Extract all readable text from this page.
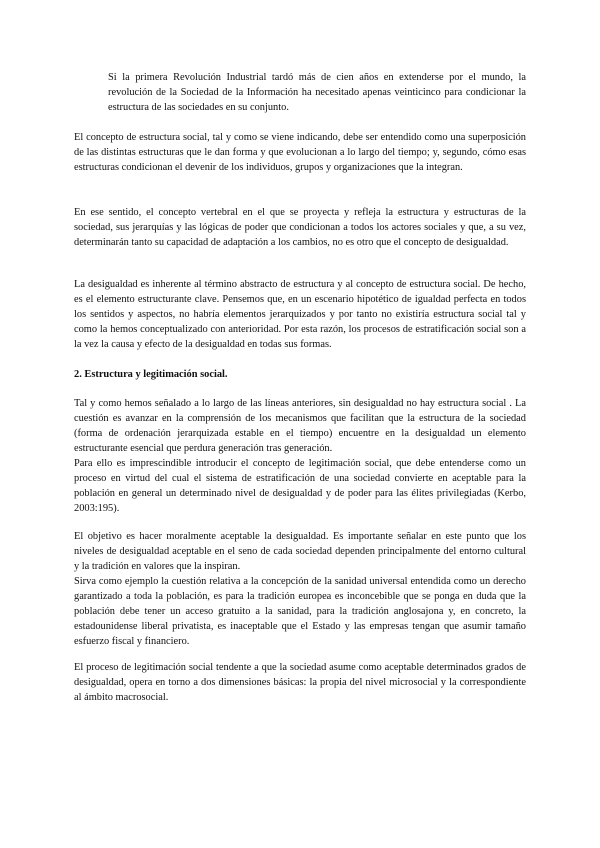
Si la primera Revolución Industrial tardó más de cien años en extenderse por el mundo, la revolución de la Sociedad de la Información ha necesitado apenas veinticinco para condicionar la estructura de las sociedades en su conjunto.

El concepto de estructura social, tal y como se viene indicando, debe ser entendido como una superposición de las distintas estructuras que le dan forma y que evolucionan a lo largo del tiempo; y, segundo, cómo esas estructuras condicionan el devenir de los individuos, grupos y organizaciones que la integran.

En ese sentido, el concepto vertebral en el que se proyecta y refleja la estructura y estructuras de la sociedad, sus jerarquías y las lógicas de poder que condicionan a todos los actores sociales y que, a su vez, determinarán tanto su capacidad de adaptación a los cambios, no es otro que el concepto de desigualdad.

La desigualdad es inherente al término abstracto de estructura y al concepto de estructura social. De hecho, es el elemento estructurante clave. Pensemos que, en un escenario hipotético de igualdad perfecta en todos los sentidos y aspectos, no habría elementos jerarquizados y por tanto no existiría estructura social tal y como la hemos conceptualizado con anterioridad. Por esta razón, los procesos de estratificación social son a la vez la causa y efecto de la desigualdad en todas sus formas.

2. Estructura y legitimación social.

Tal y como hemos señalado a lo largo de las líneas anteriores, sin desigualdad no hay estructura social . La cuestión es avanzar en la comprensión de los mecanismos que facilitan que la estructura de la sociedad (forma de ordenación jerarquizada estable en el tiempo) encuentre en la desigualdad un elemento estructurante esencial que perdura generación tras generación.

Para ello es imprescindible introducir el concepto de legitimación social, que debe entenderse como un proceso en virtud del cual el sistema de estratificación de una sociedad convierte en aceptable para la población en general un determinado nivel de desigualdad y de poder para las élites privilegiadas (Kerbo, 2003:195).

El objetivo es hacer moralmente aceptable la desigualdad. Es importante señalar en este punto que los niveles de desigualdad aceptable en el seno de cada sociedad dependen principalmente del entorno cultural y la tradición en valores que la inspiran.

Sirva como ejemplo la cuestión relativa a la concepción de la sanidad universal entendida como un derecho garantizado a toda la población, es para la tradición europea es inconcebible que se ponga en duda que la población debe tener un acceso gratuito a la sanidad, para la tradición anglosajona y, en concreto, la estadounidense liberal privatista, es inaceptable que el Estado y las empresas tengan que asumir tamaño esfuerzo fiscal y financiero.

El proceso de legitimación social tendente a que la sociedad asume como aceptable determinados grados de desigualdad, opera en torno a dos dimensiones básicas: la propia del nivel microsocial y la correspondiente al ámbito macrosocial.
